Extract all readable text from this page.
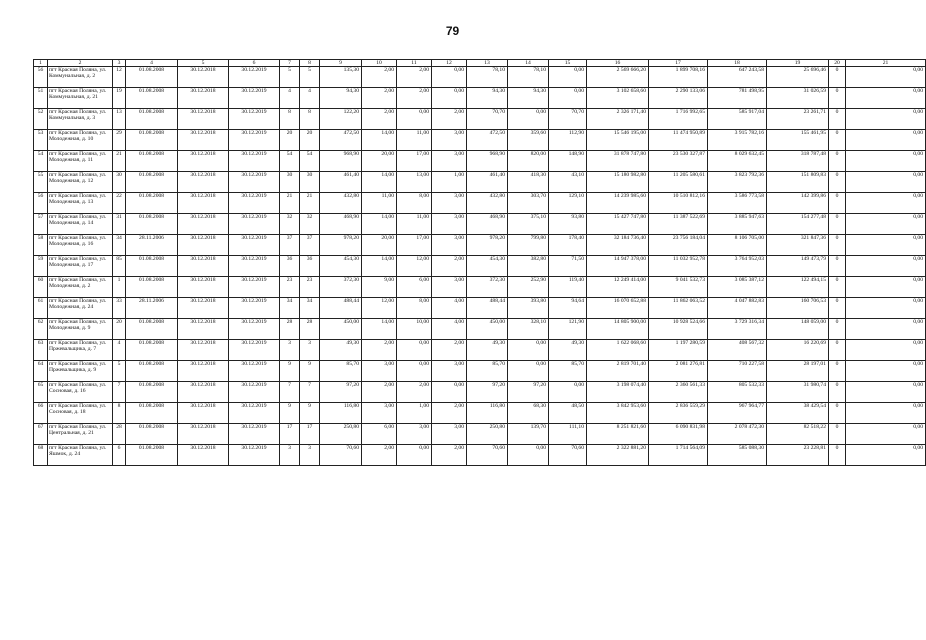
79
1	2	3	4	5	6	7	8	9	10	11	12	13	14	15	16	17	18	19	20	21
56	пгт Красная Поляна, ул. Коммунальная, д. 2	12	01.08.2008	30.12.2018	30.12.2019	5	5	135,30	2,00	2,00	0,00	78,10	78,10	0,00	2 569 666,20	1 899 708,16	647 243,58	25 696,46	0	0,00
51	пгт Красная Поляна, ул. Коммунальная, д. 21	19	01.08.2008	30.12.2018	30.12.2019	4	4	94,30	2,00	2,00	0,00	94,30	94,30	0,00	3 102 658,60	2 290 133,06	781 498,95	31 026,59	0	0,00
52	пгт Красная Поляна, ул. Коммунальная, д. 3	13	01.08.2008	30.12.2018	30.12.2019	8	8	122,20	2,00	0,00	2,00	70,70	0,00	70,70	2 326 171,40	1 716 992,65	585 917,04	23 261,71	0	0,00
53	пгт Красная Поляна, ул. Молодежная, д. 10	29	01.08.2008	30.12.2018	30.12.2019	20	20	472,50	14,00	11,00	3,00	472,50	359,60	112,90	15 546 195,00	11 474 950,89	3 915 782,16	155 461,95	0	0,00
54	пгт Красная Поляна, ул. Молодежная, д. 11	21	01.08.2008	30.12.2018	30.12.2019	54	54	968,90	20,00	17,00	3,00	968,90	820,00	148,90	31 878 747,80	23 530 327,87	8 029 632,45	318 787,48	0	0,00
55	пгт Красная Поляна, ул. Молодежная, д. 12	30	01.08.2008	30.12.2018	30.12.2019	30	30	461,40	14,00	13,00	1,00	461,40	418,30	43,10	15 180 982,80	11 205 580,61	3 823 792,36	151 809,83	0	0,00
56	пгт Красная Поляна, ул. Молодежная, д. 13	22	01.08.2008	30.12.2018	30.12.2019	21	21	432,80	11,00	8,00	3,00	432,80	303,70	129,10	14 239 985,60	10 510 812,16	3 586 773,58	142 399,86	0	0,00
57	пгт Красная Поляна, ул. Молодежная, д. 14	31	01.08.2008	30.12.2018	30.12.2019	32	32	468,90	14,00	11,00	3,00	468,90	375,10	93,80	15 427 747,80	11 387 522,69	3 885 947,63	154 277,48	0	0,00
58	пгт Красная Поляна, ул. Молодежная, д. 16	34	28.11.2006	30.12.2018	30.12.2019	37	37	978,20	20,00	17,00	3,00	978,20	799,80	178,40	32 184 736,40	23 756 184,04	8 106 705,00	321 847,36	0	0,00
59	пгт Красная Поляна, ул. Молодежная, д. 17	85	01.08.2008	30.12.2018	30.12.2019	36	36	454,30	14,00	12,00	2,00	454,30	382,80	71,50	14 947 378,00	11 032 952,78	3 764 952,03	149 473,79	0	0,00
60	пгт Красная Поляна, ул. Молодежная, д. 2	1	01.08.2008	30.12.2018	30.12.2019	23	23	372,30	9,00	6,00	3,00	372,30	252,90	119,40	12 249 414,00	9 041 532,73	3 085 387,12	122 494,15	0	0,00
61	пгт Красная Поляна, ул. Молодежная, д. 24	33	28.11.2006	30.12.2018	30.12.2019	34	34	488,44	12,00	8,00	4,00	488,44	393,80	94,64	16 070 652,88	11 862 063,52	4 047 882,83	160 706,53	0	0,00
62	пгт Красная Поляна, ул. Молодежная, д. 9	20	01.08.2008	30.12.2018	30.12.2019	28	28	450,00	14,00	10,00	4,00	450,00	328,10	121,90	14 805 900,00	10 928 524,66	3 729 316,34	148 059,00	0	0,00
63	пгт Красная Поляна, ул. Пржевальщика, д. 7	4	01.08.2008	30.12.2018	30.12.2019	3	3	49,30	2,00	0,00	2,00	49,30	0,00	49,30	1 622 068,60	1 197 280,59	408 567,32	16 220,69	0	0,00
64	пгт Красная Поляна, ул. Пржевальщика, д. 9	5	01.08.2008	30.12.2018	30.12.2019	9	9	85,70	3,00	0,00	3,00	85,70	0,00	85,70	2 819 701,40	2 081 276,81	710 227,58	28 197,01	0	0,00
65	пгт Красная Поляна, ул. Сосновая, д. 16	7	01.08.2008	30.12.2018	30.12.2019	7	7	97,20	2,00	2,00	0,00	97,20	97,20	0,00	3 198 074,40	2 360 561,33	805 532,33	31 980,74	0	0,00
66	пгт Красная Поляна, ул. Сосновая, д. 18	8	01.08.2008	30.12.2018	30.12.2019	9	9	116,80	3,00	1,00	2,00	116,80	68,30	48,50	3 842 953,60	2 836 559,29	967 964,77	38 429,54	0	0,00
67	пгт Красная Поляна, ул. Центральная, д. 21	28	01.08.2008	30.12.2018	30.12.2019	17	17	250,80	6,00	3,00	3,00	250,80	139,70	111,10	8 251 821,60	6 090 831,98	2 078 472,30	82 518,22	0	0,00
68	пгт Красная Поляна, ул. Яшмок, д. 24	6	01.08.2008	30.12.2018	30.12.2019	3	3	70,60	2,00	0,00	2,00	70,60	0,00	70,60	2 322 881,20	1 714 564,09	585 088,30	23 228,81	0	0,00
